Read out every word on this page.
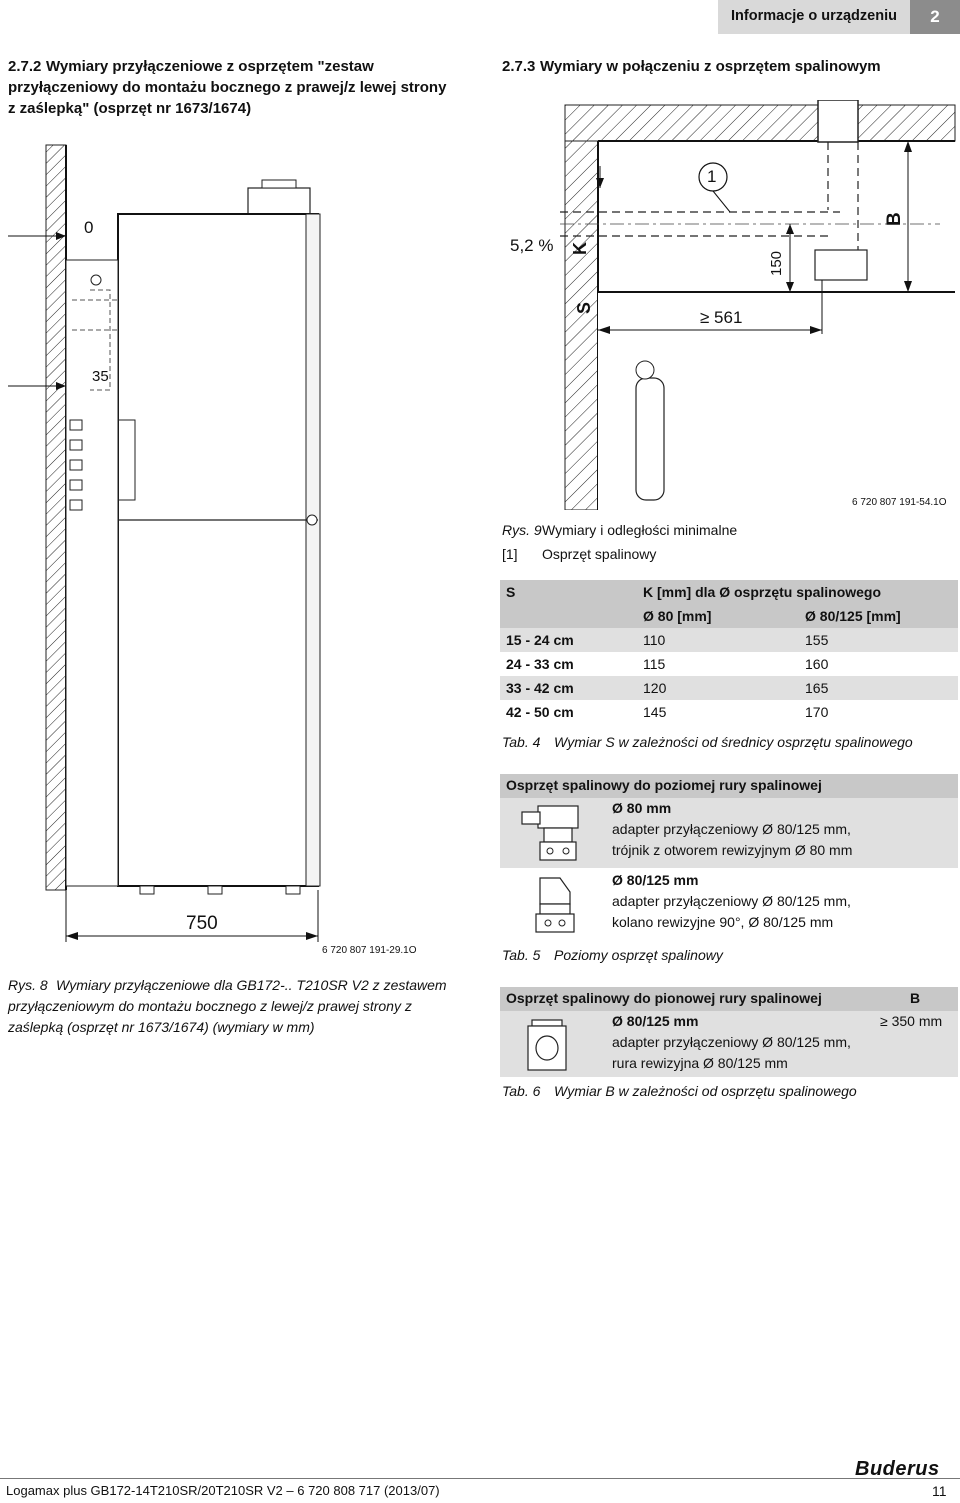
Informacje o urządzeniu	2
2.7.2 Wymiary przyłączeniowe z osprzętem "zestaw przyłączeniowy do montażu bocznego z prawej/z lewej strony z zaślepką" (osprzęt nr 1673/1674)
2.7.3 Wymiary w połączeniu z osprzętem spalinowym
0
35
750
6 720 807 191-29.1O
Rys. 8 Wymiary przyłączeniowe dla GB172-.. T210SR V2 z zestawem przyłączeniowym do montażu bocznego z lewej/z prawej strony z zaślepką (osprzęt nr 1673/1674) (wymiary w mm)
5,2 % K
S
≥ 561
150
B
1
6 720 807 191-54.1O
Rys. 9Wymiary i odległości minimalne
[1] Osprzęt spalinowy
S	K [mm] dla Ø osprzętu spalinowego	
	Ø 80 [mm]	Ø 80/125 [mm]
15 - 24 cm	110	155
24 - 33 cm	115	160
33 - 42 cm	120	165
42 - 50 cm	145	170
Tab. 4 Wymiar S w zależności od średnicy osprzętu spalinowego
Osprzęt spalinowy do poziomej rury spalinowej
Ø 80 mm
adapter przyłączeniowy Ø 80/125 mm,
trójnik z otworem rewizyjnym Ø 80 mm
Ø 80/125 mm
adapter przyłączeniowy Ø 80/125 mm,
kolano rewizyjne 90°, Ø 80/125 mm
Tab. 5 Poziomy osprzęt spalinowy
Osprzęt spalinowy do pionowej rury spalinowej	B
Ø 80/125 mm
adapter przyłączeniowy Ø 80/125 mm,
rura rewizyjna Ø 80/125 mm
≥ 350 mm
Tab. 6 Wymiar B w zależności od osprzętu spalinowego
Logamax plus GB172-14T210SR/20T210SR V2 – 6 720 808 717 (2013/07)
Buderus
11
